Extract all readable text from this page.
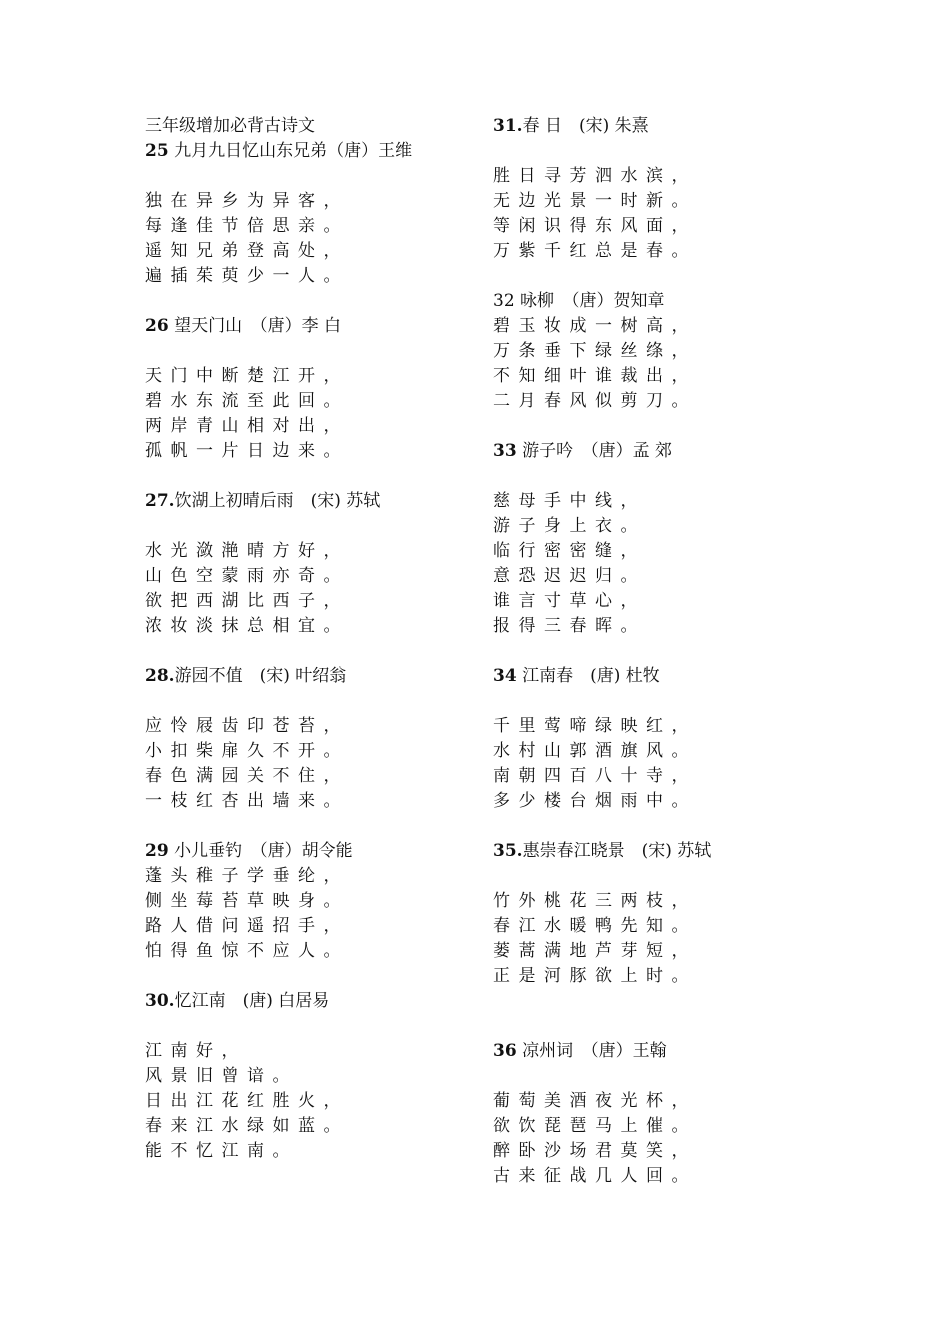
三年级增加必背古诗文
25 九月九日忆山东兄弟（唐）王维
独在异乡为异客，
每逢佳节倍思亲。
遥知兄弟登高处，
遍插茱萸少一人。
26 望天门山　（唐）李 白
天门中断楚江开，
碧水东流至此回。
两岸青山相对出，
孤帆一片日边来。
27.饮湖上初晴后雨　(宋) 苏轼
水光潋滟晴方好，
山色空蒙雨亦奇。
欲把西湖比西子，
浓妆淡抹总相宜。
28.游园不值　(宋) 叶绍翁
应怜屐齿印苍苔，
小扣柴扉久不开。
春色满园关不住，
一枝红杏出墙来。
29 小儿垂钓　（唐）胡令能
蓬头稚子学垂纶，
侧坐莓苔草映身。
路人借问遥招手，
怕得鱼惊不应人。
30.忆江南　(唐) 白居易
江南好，
风景旧曾谙。
日出江花红胜火，
春来江水绿如蓝。
能不忆江南。
31.春 日　(宋) 朱熹
胜日寻芳泗水滨，
无边光景一时新。
等闲识得东风面，
万紫千红总是春。
32 咏柳　（唐）贺知章
碧玉妆成一树高，
万条垂下绿丝绦，
不知细叶谁裁出，
二月春风似剪刀。
33 游子吟　（唐）孟 郊
慈母手中线，
游子身上衣。
临行密密缝，
意恐迟迟归。
谁言寸草心，
报得三春晖。
34 江南春　(唐) 杜牧
千里莺啼绿映红，
水村山郭酒旗风。
南朝四百八十寺，
多少楼台烟雨中。
35.惠崇春江晓景　(宋) 苏轼
竹外桃花三两枝，
春江水暖鸭先知。
蒌蒿满地芦芽短，
正是河豚欲上时。
36 凉州词　（唐）王翰
葡萄美酒夜光杯，
欲饮琵琶马上催。
醉卧沙场君莫笑，
古来征战几人回。
